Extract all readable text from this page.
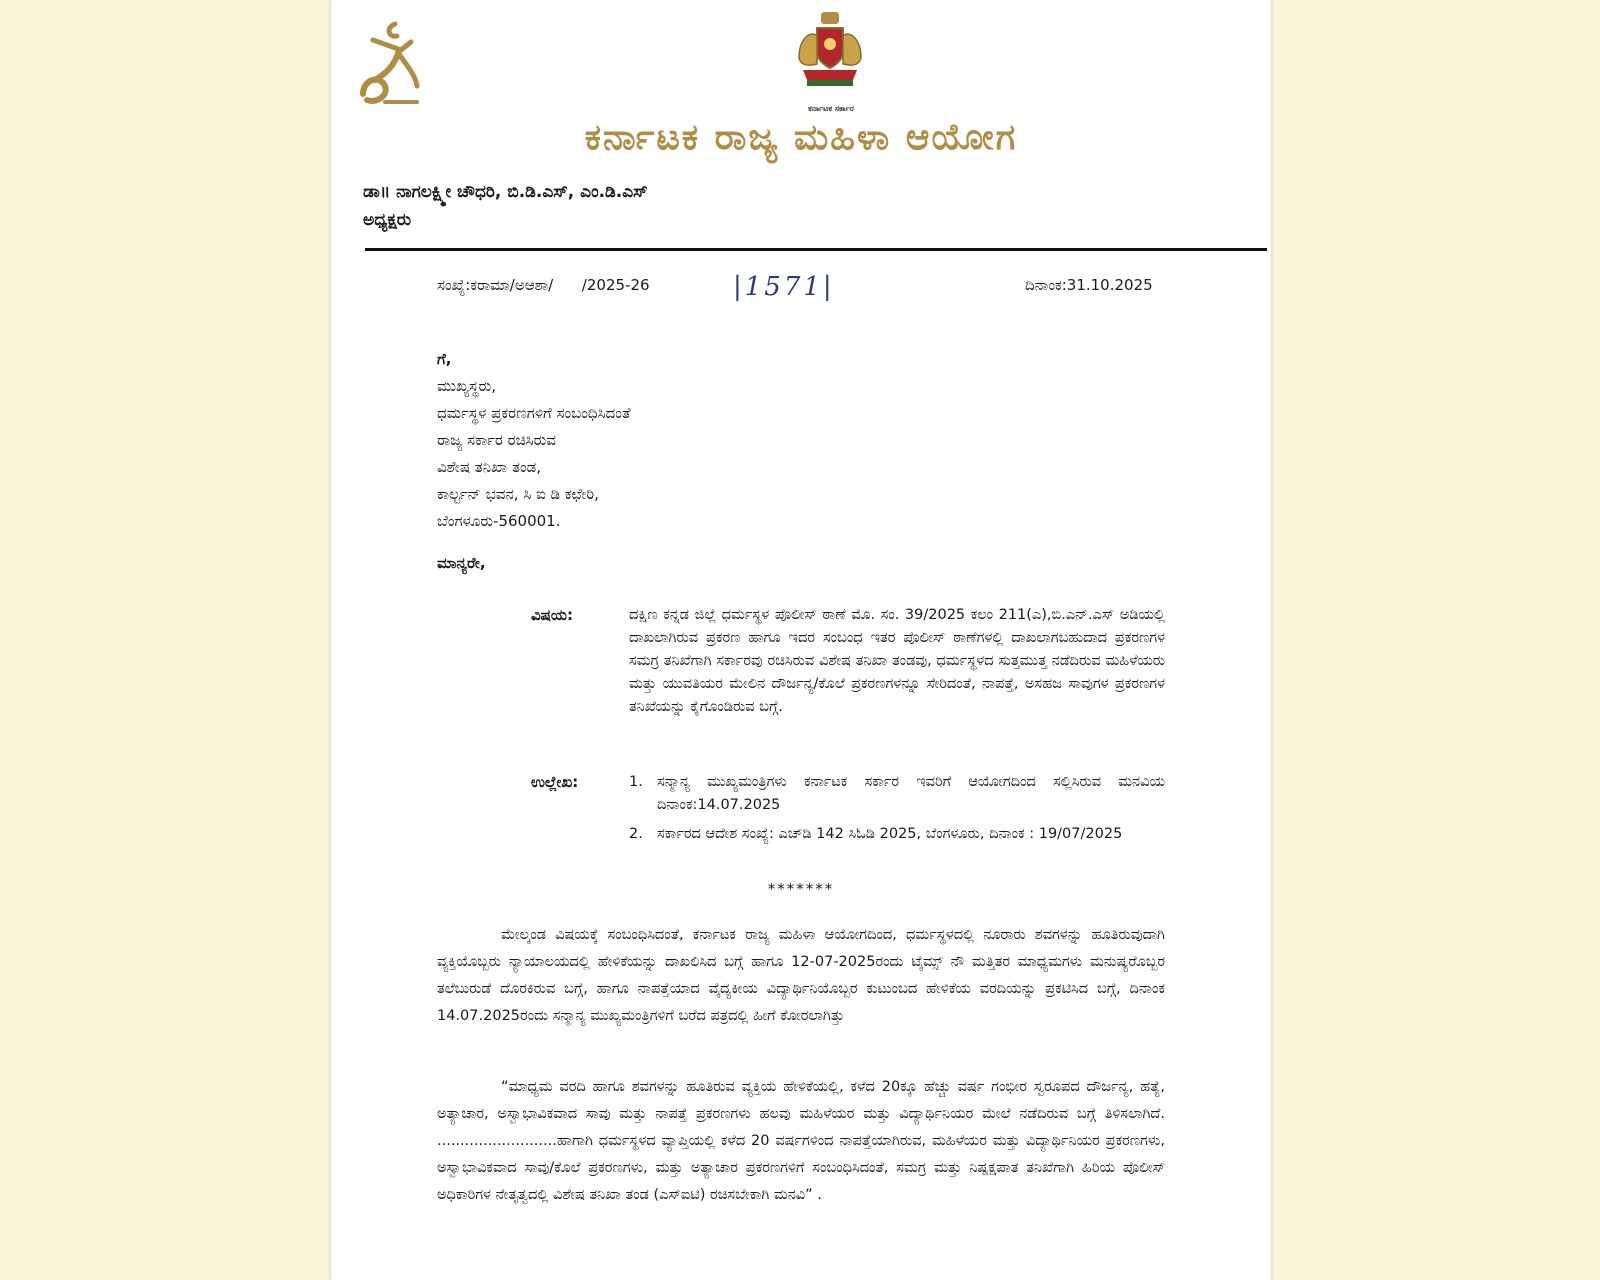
ಕರ್ನಾಟಕ ಸರ್ಕಾರ
ಕರ್ನಾಟಕ ರಾಜ್ಯ ಮಹಿಳಾ ಆಯೋಗ
ಡಾ॥ ನಾಗಲಕ್ಷ್ಮೀ ಚೌಧರಿ, ಬಿ.ಡಿ.ಎಸ್, ಎಂ.ಡಿ.ಎಸ್
ಅಧ್ಯಕ್ಷರು
ಸಂಖ್ಯೆ:ಕರಾಮಾ/ಅಆಶಾ/      /2025-26	|1571|	ದಿನಾಂಕ:31.10.2025
ಗೆ,
ಮುಖ್ಯಸ್ಥರು,
ಧರ್ಮಸ್ಥಳ ಪ್ರಕರಣಗಳಿಗೆ ಸಂಬಂಧಿಸಿದಂತೆ
ರಾಜ್ಯ ಸರ್ಕಾರ ರಚಿಸಿರುವ
ವಿಶೇಷ ತನಿಖಾ ತಂಡ,
ಕಾರ್ಲ್ಟನ್ ಭವನ, ಸಿ ಐ ಡಿ ಕಛೇರಿ,
ಬೆಂಗಳೂರು-560001.
ಮಾನ್ಯರೇ,
ವಿಷಯ:	ದಕ್ಷಿಣ ಕನ್ನಡ ಜಿಲ್ಲೆ ಧರ್ಮಸ್ಥಳ ಪೊಲೀಸ್ ಠಾಣೆ ಮೊ. ಸಂ. 39/2025 ಕಲಂ 211(ಎ),ಬಿ.ಎನ್.ಎಸ್ ಅಡಿಯಲ್ಲಿ ದಾಖಲಾಗಿರುವ ಪ್ರಕರಣ ಹಾಗೂ ಇದರ ಸಂಬಂಧ ಇತರ ಪೊಲೀಸ್ ಠಾಣೆಗಳಲ್ಲಿ ದಾಖಲಾಗಬಹುದಾದ ಪ್ರಕರಣಗಳ ಸಮಗ್ರ ತನಿಖೆಗಾಗಿ ಸರ್ಕಾರವು ರಚಿಸಿರುವ ವಿಶೇಷ ತನಿಖಾ ತಂಡವು, ಧರ್ಮಸ್ಥಳದ ಸುತ್ತಮುತ್ತ ನಡೆದಿರುವ ಮಹಿಳೆಯರು ಮತ್ತು ಯುವತಿಯರ ಮೇಲಿನ ದೌರ್ಜನ್ಯ/ಕೊಲೆ ಪ್ರಕರಣಗಳನ್ನೂ ಸೇರಿದಂತೆ, ನಾಪತ್ತೆ, ಅಸಹಜ ಸಾವುಗಳ ಪ್ರಕರಣಗಳ ತನಿಖೆಯನ್ನು ಕೈಗೊಂಡಿರುವ ಬಗ್ಗೆ.
ಉಲ್ಲೇಖ:	1. ಸನ್ಮಾನ್ಯ ಮುಖ್ಯಮಂತ್ರಿಗಳು ಕರ್ನಾಟಕ ಸರ್ಕಾರ ಇವರಿಗೆ ಆಯೋಗದಿಂದ ಸಲ್ಲಿಸಿರುವ ಮನವಿಯ ದಿನಾಂಕ:14.07.2025
2. ಸರ್ಕಾರದ ಆದೇಶ ಸಂಖ್ಯೆ: ಎಚ್‌ಡಿ 142 ಸಿಓಡಿ 2025, ಬೆಂಗಳೂರು, ದಿನಾಂಕ : 19/07/2025
*******
ಮೇಲ್ಕಂಡ ವಿಷಯಕ್ಕೆ ಸಂಬಂಧಿಸಿದಂತೆ, ಕರ್ನಾಟಕ ರಾಜ್ಯ ಮಹಿಳಾ ಆಯೋಗದಿಂದ, ಧರ್ಮಸ್ಥಳದಲ್ಲಿ ನೂರಾರು ಶವಗಳನ್ನು ಹೂತಿರುವುದಾಗಿ ವ್ಯಕ್ತಿಯೊಬ್ಬರು ನ್ಯಾಯಾಲಯದಲ್ಲಿ ಹೇಳಿಕೆಯನ್ನು ದಾಖಲಿಸಿದ ಬಗ್ಗೆ ಹಾಗೂ 12-07-2025ರಂದು ಟೈಮ್ಸ್ ನೌ ಮತ್ತಿತರ ಮಾಧ್ಯಮಗಳು ಮನುಷ್ಯರೊಬ್ಬರ ತಲೆಬುರುಡೆ ದೊರಕಿರುವ ಬಗ್ಗೆ, ಹಾಗೂ ನಾಪತ್ತೆಯಾದ ವೈದ್ಯಕೀಯ ವಿದ್ಯಾರ್ಥಿನಿಯೊಬ್ಬರ ಕುಟುಂಬದ ಹೇಳಿಕೆಯ ವರದಿಯನ್ನು ಪ್ರಕಟಿಸಿದ ಬಗ್ಗೆ, ದಿನಾಂಕ 14.07.2025ರಂದು ಸನ್ಮಾನ್ಯ ಮುಖ್ಯಮಂತ್ರಿಗಳಿಗೆ ಬರೆದ ಪತ್ರದಲ್ಲಿ ಹೀಗೆ ಕೋರಲಾಗಿತ್ತು
“ಮಾಧ್ಯಮ ವರದಿ ಹಾಗೂ ಶವಗಳನ್ನು ಹೂತಿರುವ ವ್ಯಕ್ತಿಯ ಹೇಳಿಕೆಯಲ್ಲಿ, ಕಳೆದ 20ಕ್ಕೂ ಹೆಚ್ಚು ವರ್ಷ ಗಂಭೀರ ಸ್ವರೂಪದ ದೌರ್ಜನ್ಯ, ಹತ್ಯೆ, ಅತ್ಯಾಚಾರ, ಅಸ್ವಾಭಾವಿಕವಾದ ಸಾವು ಮತ್ತು ನಾಪತ್ತೆ ಪ್ರಕರಣಗಳು ಹಲವು ಮಹಿಳೆಯರ ಮತ್ತು ವಿದ್ಯಾರ್ಥಿನಿಯರ ಮೇಲೆ ನಡೆದಿರುವ ಬಗ್ಗೆ ತಿಳಿಸಲಾಗಿದೆ. ..........................ಹಾಗಾಗಿ ಧರ್ಮಸ್ಥಳದ ವ್ಯಾಪ್ತಿಯಲ್ಲಿ ಕಳೆದ 20 ವರ್ಷಗಳಿಂದ ನಾಪತ್ತೆಯಾಗಿರುವ, ಮಹಿಳೆಯರ ಮತ್ತು ವಿದ್ಯಾರ್ಥಿನಿಯರ ಪ್ರಕರಣಗಳು, ಅಸ್ವಾಭಾವಿಕವಾದ ಸಾವು/ಕೊಲೆ ಪ್ರಕರಣಗಳು, ಮತ್ತು ಅತ್ಯಾಚಾರ ಪ್ರಕರಣಗಳಿಗೆ ಸಂಬಂಧಿಸಿದಂತೆ, ಸಮಗ್ರ ಮತ್ತು ನಿಷ್ಪಕ್ಷಪಾತ ತನಿಖೆಗಾಗಿ ಹಿರಿಯ ಪೊಲೀಸ್ ಅಧಿಕಾರಿಗಳ ನೇತೃತ್ವದಲ್ಲಿ ವಿಶೇಷ ತನಿಖಾ ತಂಡ (ಎಸ್‌ಐಟಿ) ರಚಿಸಬೇಕಾಗಿ ಮನವಿ” .
